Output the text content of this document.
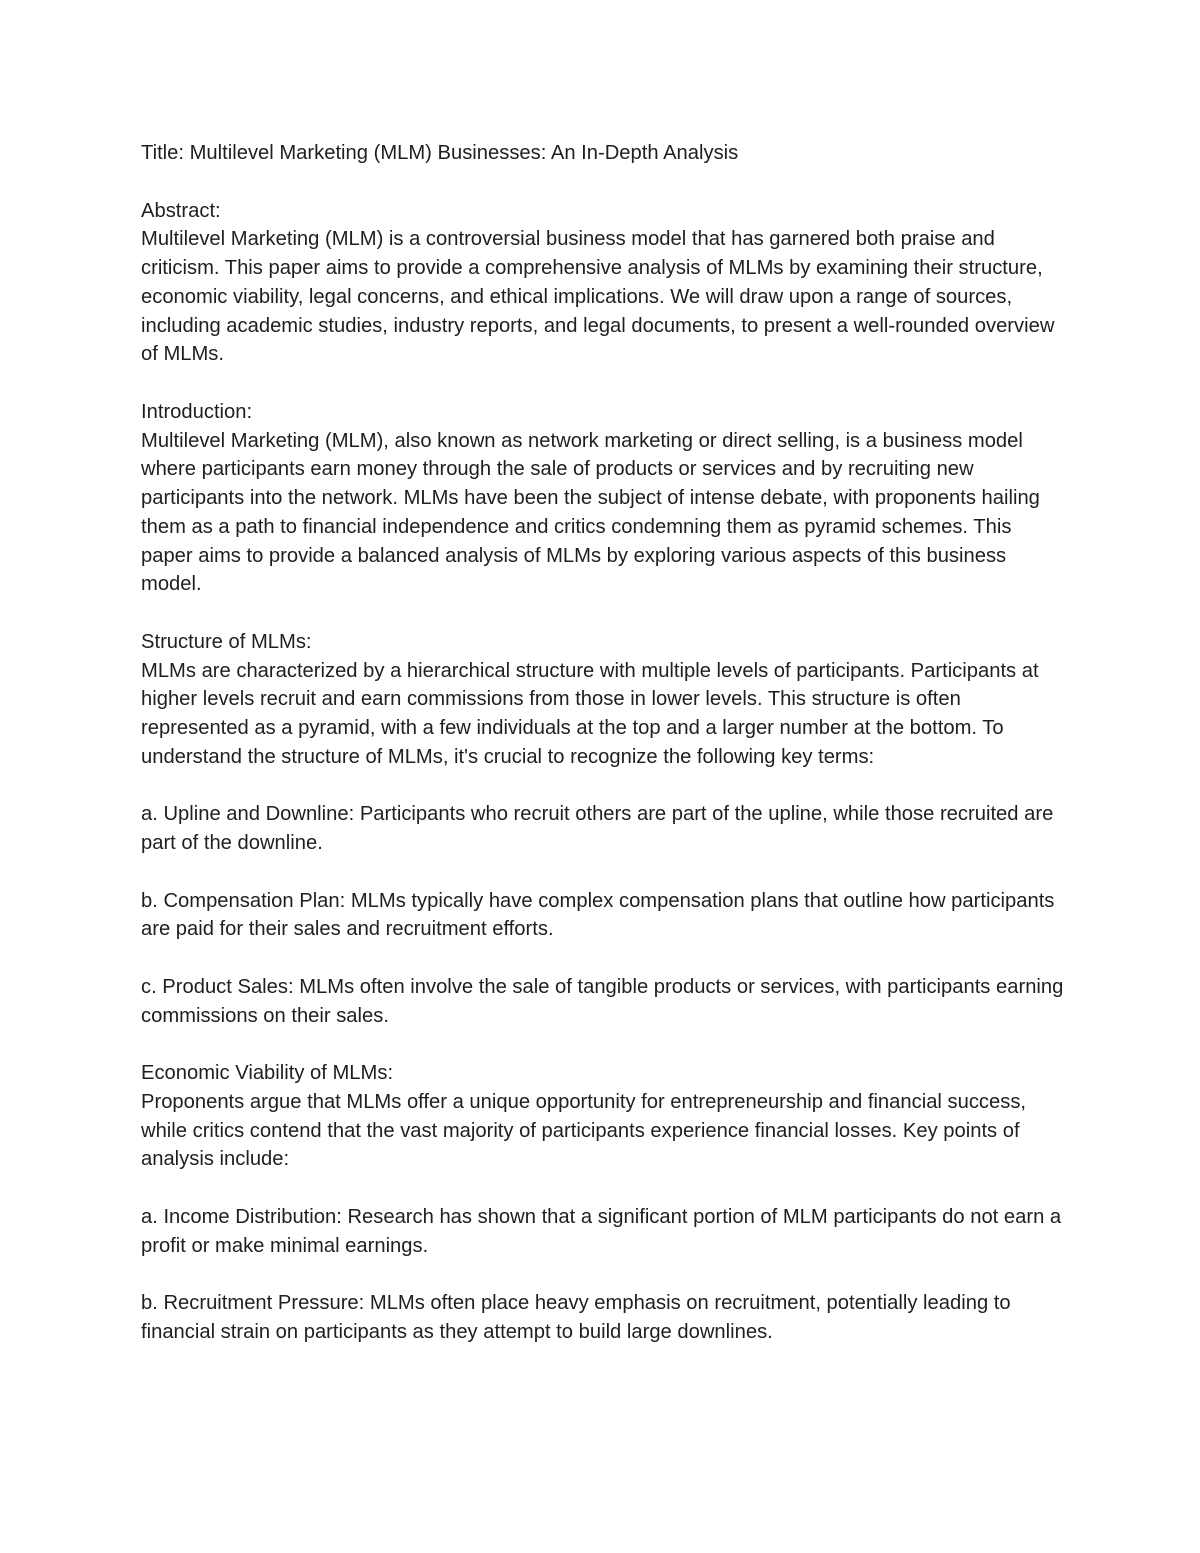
Title: Multilevel Marketing (MLM) Businesses: An In-Depth Analysis

Abstract:

Multilevel Marketing (MLM) is a controversial business model that has garnered both praise and criticism. This paper aims to provide a comprehensive analysis of MLMs by examining their structure, economic viability, legal concerns, and ethical implications. We will draw upon a range of sources, including academic studies, industry reports, and legal documents, to present a well-rounded overview of MLMs.

Introduction:

Multilevel Marketing (MLM), also known as network marketing or direct selling, is a business model where participants earn money through the sale of products or services and by recruiting new participants into the network. MLMs have been the subject of intense debate, with proponents hailing them as a path to financial independence and critics condemning them as pyramid schemes. This paper aims to provide a balanced analysis of MLMs by exploring various aspects of this business model.

Structure of MLMs:

MLMs are characterized by a hierarchical structure with multiple levels of participants. Participants at higher levels recruit and earn commissions from those in lower levels. This structure is often represented as a pyramid, with a few individuals at the top and a larger number at the bottom. To understand the structure of MLMs, it's crucial to recognize the following key terms:

a. Upline and Downline: Participants who recruit others are part of the upline, while those recruited are part of the downline.

b. Compensation Plan: MLMs typically have complex compensation plans that outline how participants are paid for their sales and recruitment efforts.

c. Product Sales: MLMs often involve the sale of tangible products or services, with participants earning commissions on their sales.

Economic Viability of MLMs:

Proponents argue that MLMs offer a unique opportunity for entrepreneurship and financial success, while critics contend that the vast majority of participants experience financial losses. Key points of analysis include:

a. Income Distribution: Research has shown that a significant portion of MLM participants do not earn a profit or make minimal earnings.

b. Recruitment Pressure: MLMs often place heavy emphasis on recruitment, potentially leading to financial strain on participants as they attempt to build large downlines.
